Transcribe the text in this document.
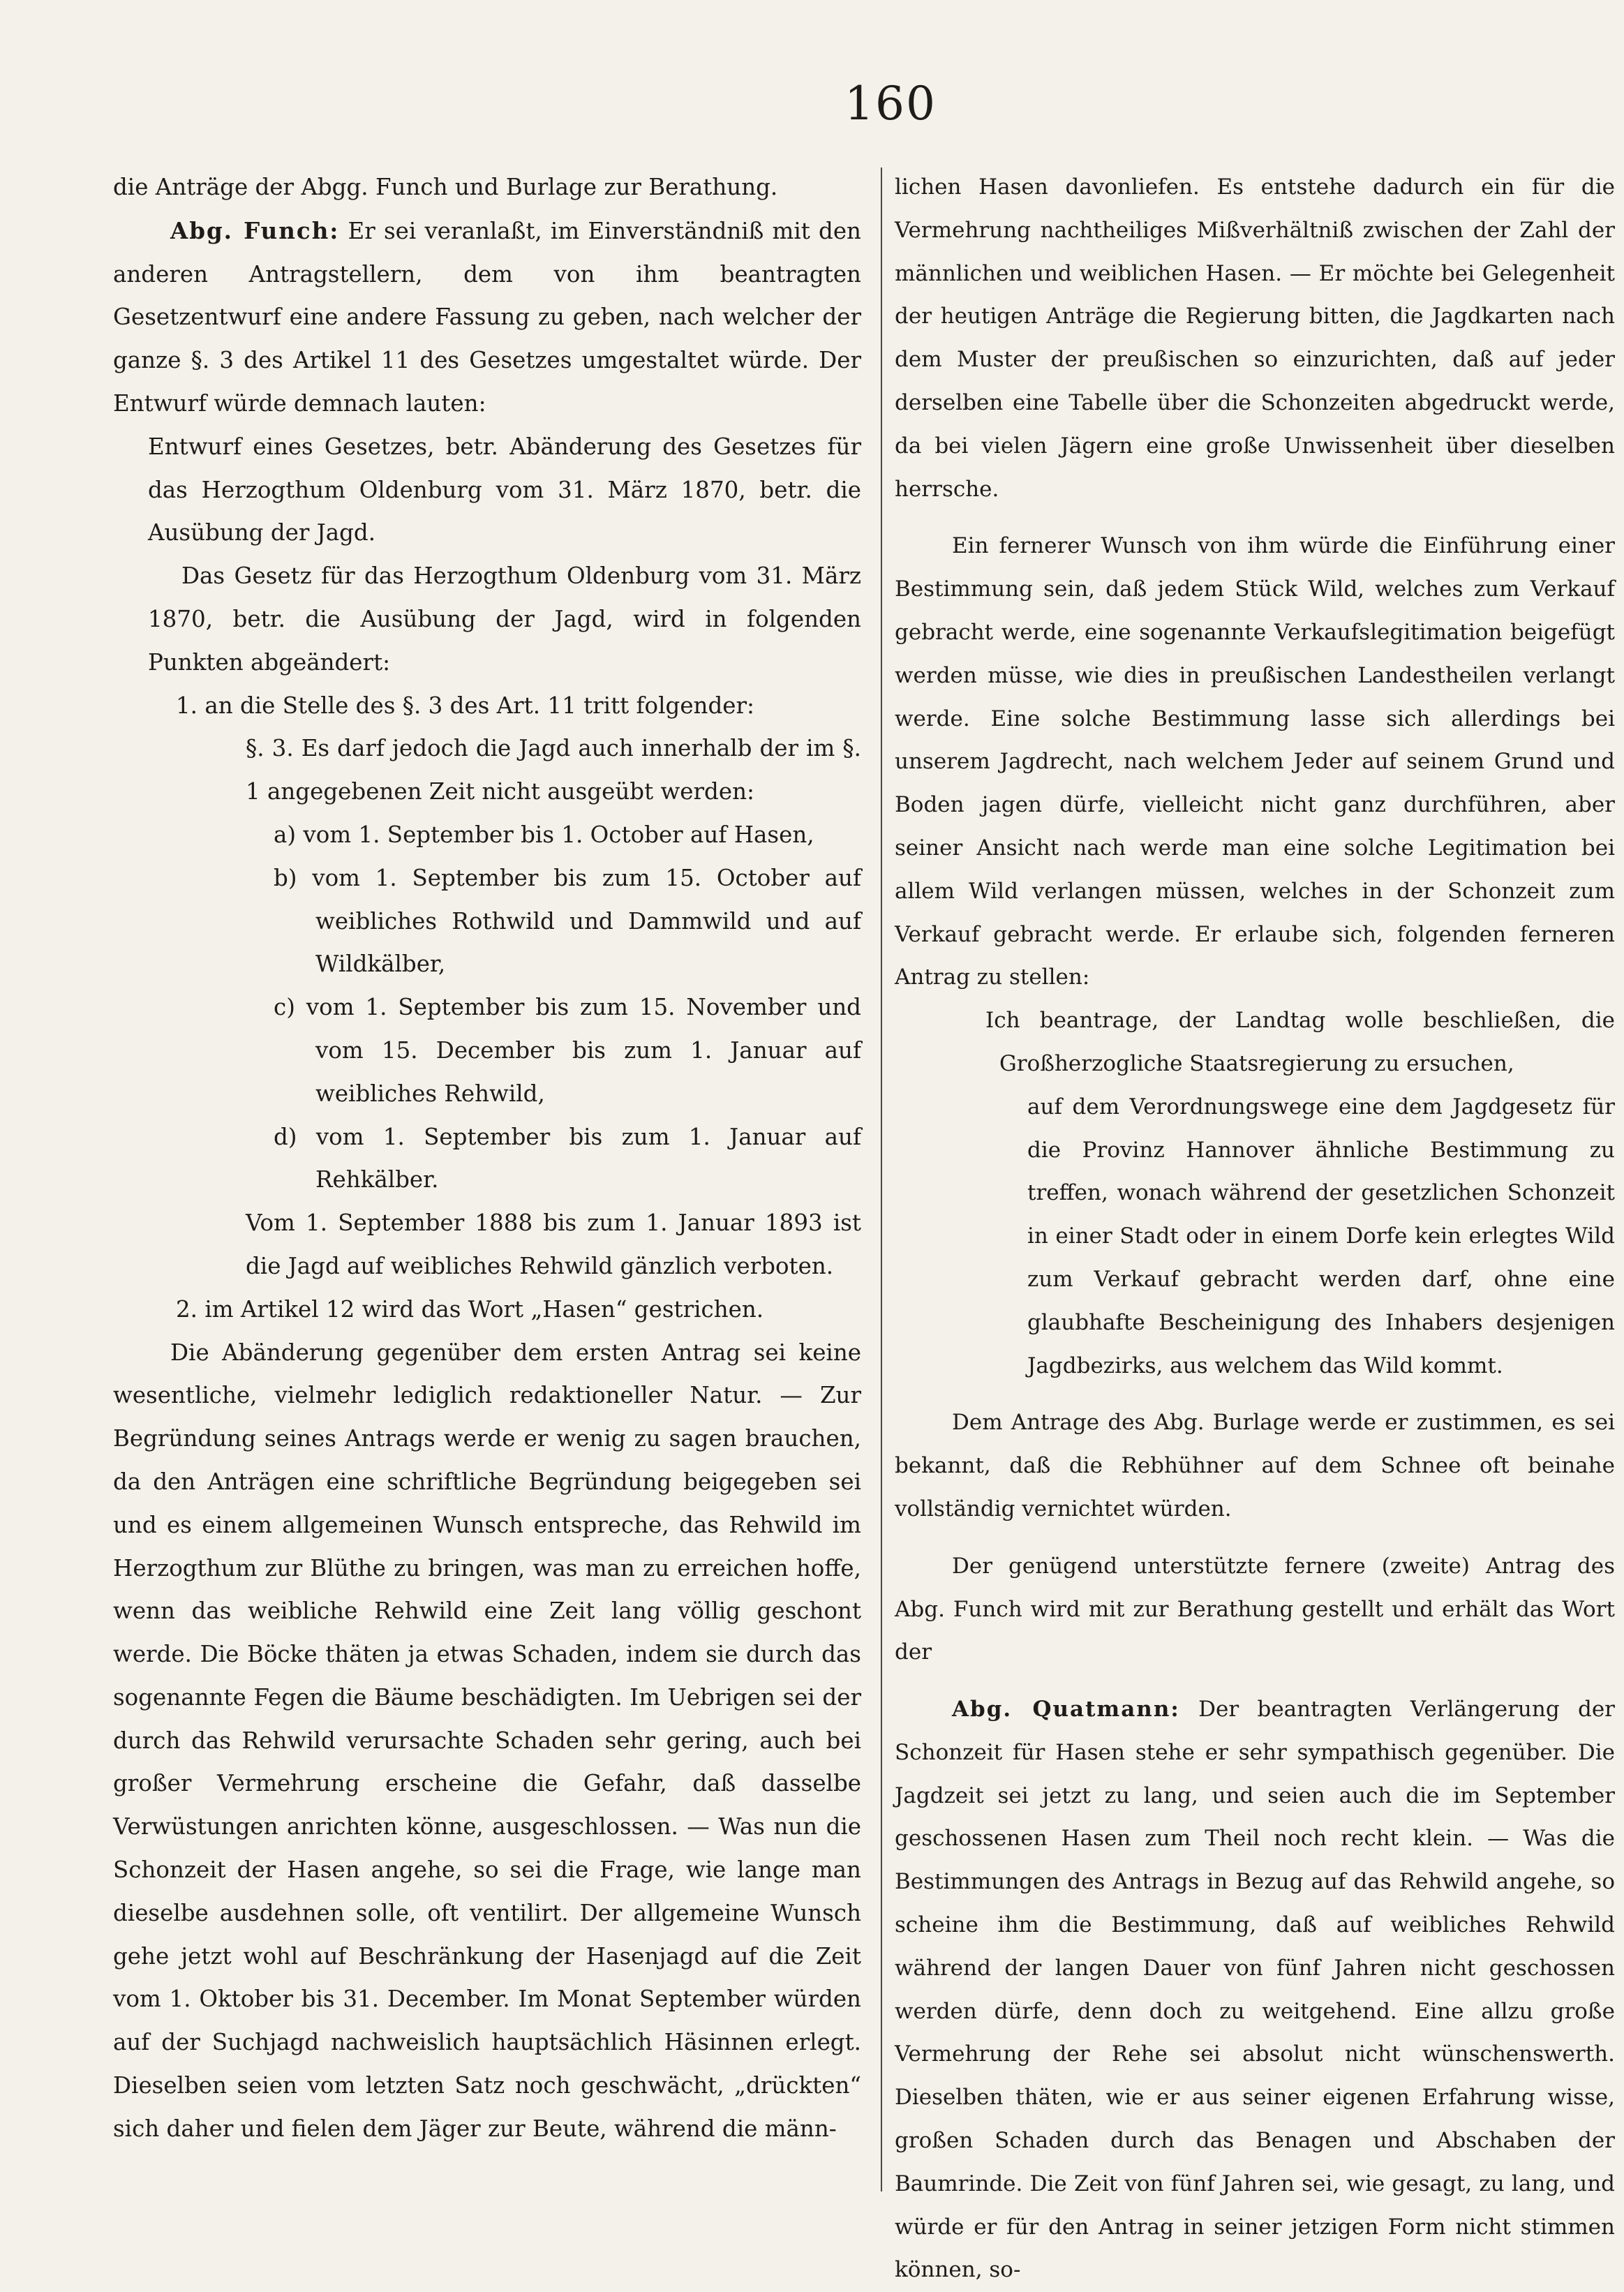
160

die Anträge der Abgg. Funch und Burlage zur Berathung.

Abg. Funch: Er sei veranlaßt, im Einverständniß mit den anderen Antragstellern, dem von ihm beantragten Gesetzentwurf eine andere Fassung zu geben, nach welcher der ganze §. 3 des Artikel 11 des Gesetzes umgestaltet würde. Der Entwurf würde demnach lauten:

Entwurf eines Gesetzes, betr. Abänderung des Gesetzes für das Herzogthum Oldenburg vom 31. März 1870, betr. die Ausübung der Jagd.

Das Gesetz für das Herzogthum Oldenburg vom 31. März 1870, betr. die Ausübung der Jagd, wird in folgenden Punkten abgeändert:

1. an die Stelle des §. 3 des Art. 11 tritt folgender:

§. 3. Es darf jedoch die Jagd auch innerhalb der im §. 1 angegebenen Zeit nicht ausgeübt werden:

a) vom 1. September bis 1. October auf Hasen,

b) vom 1. September bis zum 15. October auf weibliches Rothwild und Dammwild und auf Wildkälber,

c) vom 1. September bis zum 15. November und vom 15. December bis zum 1. Januar auf weibliches Rehwild,

d) vom 1. September bis zum 1. Januar auf Rehkälber.

Vom 1. September 1888 bis zum 1. Januar 1893 ist die Jagd auf weibliches Rehwild gänzlich verboten.

2. im Artikel 12 wird das Wort „Hasen“ gestrichen.

Die Abänderung gegenüber dem ersten Antrag sei keine wesentliche, vielmehr lediglich redaktioneller Natur. — Zur Begründung seines Antrags werde er wenig zu sagen brauchen, da den Anträgen eine schriftliche Begründung beigegeben sei und es einem allgemeinen Wunsch entspreche, das Rehwild im Herzogthum zur Blüthe zu bringen, was man zu erreichen hoffe, wenn das weibliche Rehwild eine Zeit lang völlig geschont werde. Die Böcke thäten ja etwas Schaden, indem sie durch das sogenannte Fegen die Bäume beschädigten. Im Uebrigen sei der durch das Rehwild verursachte Schaden sehr gering, auch bei großer Vermehrung erscheine die Gefahr, daß dasselbe Verwüstungen anrichten könne, ausgeschlossen. — Was nun die Schonzeit der Hasen angehe, so sei die Frage, wie lange man dieselbe ausdehnen solle, oft ventilirt. Der allgemeine Wunsch gehe jetzt wohl auf Beschränkung der Hasenjagd auf die Zeit vom 1. Oktober bis 31. December. Im Monat September würden auf der Suchjagd nachweislich hauptsächlich Häsinnen erlegt. Dieselben seien vom letzten Satz noch geschwächt, „drückten“ sich daher und fielen dem Jäger zur Beute, während die männ-

lichen Hasen davonliefen. Es entstehe dadurch ein für die Vermehrung nachtheiliges Mißverhältniß zwischen der Zahl der männlichen und weiblichen Hasen. — Er möchte bei Gelegenheit der heutigen Anträge die Regierung bitten, die Jagdkarten nach dem Muster der preußischen so einzurichten, daß auf jeder derselben eine Tabelle über die Schonzeiten abgedruckt werde, da bei vielen Jägern eine große Unwissenheit über dieselben herrsche.

Ein fernerer Wunsch von ihm würde die Einführung einer Bestimmung sein, daß jedem Stück Wild, welches zum Verkauf gebracht werde, eine sogenannte Verkaufslegitimation beigefügt werden müsse, wie dies in preußischen Landestheilen verlangt werde. Eine solche Bestimmung lasse sich allerdings bei unserem Jagdrecht, nach welchem Jeder auf seinem Grund und Boden jagen dürfe, vielleicht nicht ganz durchführen, aber seiner Ansicht nach werde man eine solche Legitimation bei allem Wild verlangen müssen, welches in der Schonzeit zum Verkauf gebracht werde. Er erlaube sich, folgenden ferneren Antrag zu stellen:

Ich beantrage, der Landtag wolle beschließen, die Großherzogliche Staatsregierung zu ersuchen,

auf dem Verordnungswege eine dem Jagdgesetz für die Provinz Hannover ähnliche Bestimmung zu treffen, wonach während der gesetzlichen Schonzeit in einer Stadt oder in einem Dorfe kein erlegtes Wild zum Verkauf gebracht werden darf, ohne eine glaubhafte Bescheinigung des Inhabers desjenigen Jagdbezirks, aus welchem das Wild kommt.

Dem Antrage des Abg. Burlage werde er zustimmen, es sei bekannt, daß die Rebhühner auf dem Schnee oft beinahe vollständig vernichtet würden.

Der genügend unterstützte fernere (zweite) Antrag des Abg. Funch wird mit zur Berathung gestellt und erhält das Wort der

Abg. Quatmann: Der beantragten Verlängerung der Schonzeit für Hasen stehe er sehr sympathisch gegenüber. Die Jagdzeit sei jetzt zu lang, und seien auch die im September geschossenen Hasen zum Theil noch recht klein. — Was die Bestimmungen des Antrags in Bezug auf das Rehwild angehe, so scheine ihm die Bestimmung, daß auf weibliches Rehwild während der langen Dauer von fünf Jahren nicht geschossen werden dürfe, denn doch zu weitgehend. Eine allzu große Vermehrung der Rehe sei absolut nicht wünschenswerth. Dieselben thäten, wie er aus seiner eigenen Erfahrung wisse, großen Schaden durch das Benagen und Abschaben der Baumrinde. Die Zeit von fünf Jahren sei, wie gesagt, zu lang, und würde er für den Antrag in seiner jetzigen Form nicht stimmen können, so-
